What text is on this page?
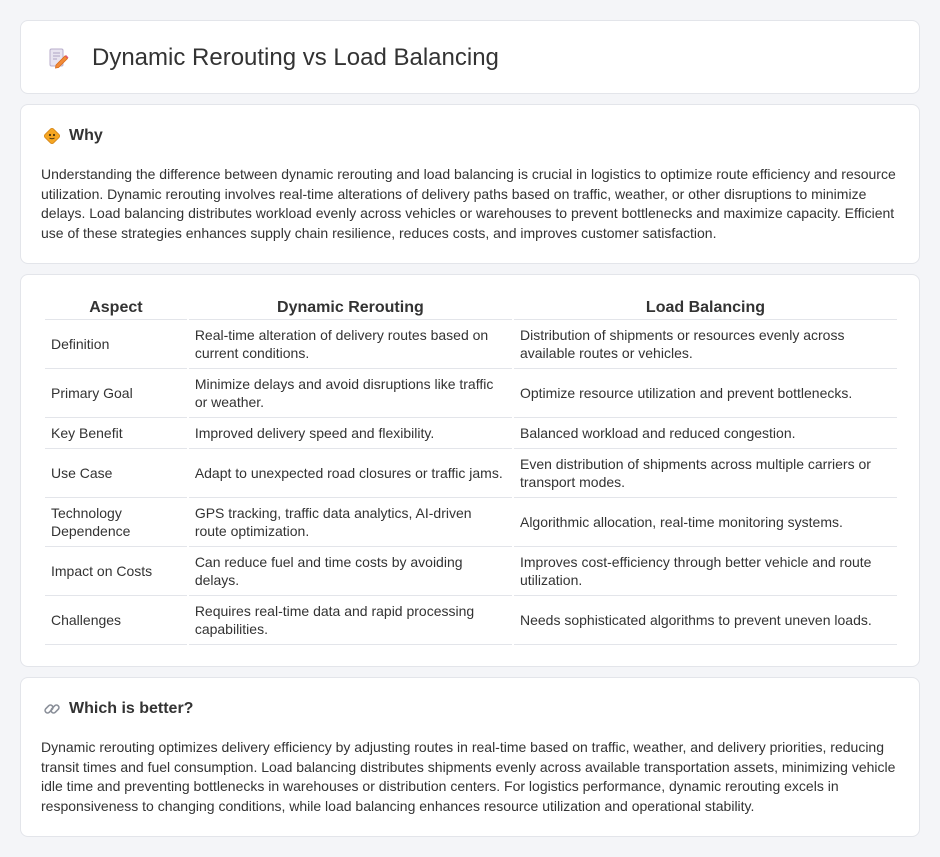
Dynamic Rerouting vs Load Balancing
Why

Understanding the difference between dynamic rerouting and load balancing is crucial in logistics to optimize route efficiency and resource utilization. Dynamic rerouting involves real-time alterations of delivery paths based on traffic, weather, or other disruptions to minimize delays. Load balancing distributes workload evenly across vehicles or warehouses to prevent bottlenecks and maximize capacity. Efficient use of these strategies enhances supply chain resilience, reduces costs, and improves customer satisfaction.

Aspect	Dynamic Rerouting	Load Balancing
Definition	Real-time alteration of delivery routes based on current conditions.	Distribution of shipments or resources evenly across available routes or vehicles.
Primary Goal	Minimize delays and avoid disruptions like traffic or weather.	Optimize resource utilization and prevent bottlenecks.
Key Benefit	Improved delivery speed and flexibility.	Balanced workload and reduced congestion.
Use Case	Adapt to unexpected road closures or traffic jams.	Even distribution of shipments across multiple carriers or transport modes.
Technology Dependence	GPS tracking, traffic data analytics, AI-driven route optimization.	Algorithmic allocation, real-time monitoring systems.
Impact on Costs	Can reduce fuel and time costs by avoiding delays.	Improves cost-efficiency through better vehicle and route utilization.
Challenges	Requires real-time data and rapid processing capabilities.	Needs sophisticated algorithms to prevent uneven loads.
Which is better?

Dynamic rerouting optimizes delivery efficiency by adjusting routes in real-time based on traffic, weather, and delivery priorities, reducing transit times and fuel consumption. Load balancing distributes shipments evenly across available transportation assets, minimizing vehicle idle time and preventing bottlenecks in warehouses or distribution centers. For logistics performance, dynamic rerouting excels in responsiveness to changing conditions, while load balancing enhances resource utilization and operational stability.
